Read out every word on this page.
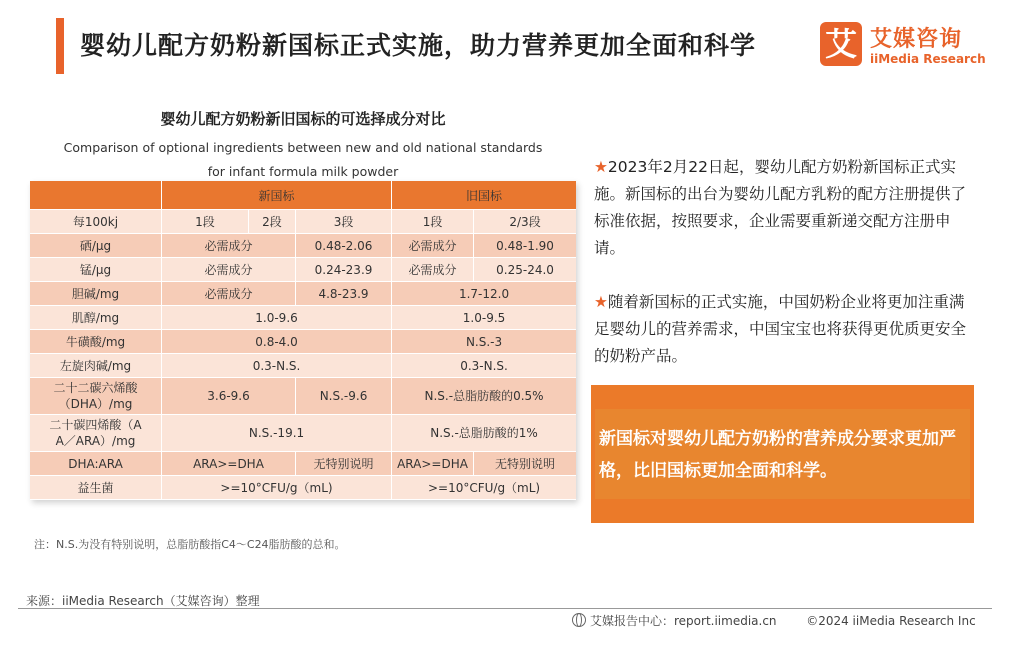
婴幼儿配方奶粉新国标正式实施，助力营养更加全面和科学 艾 艾媒咨询
iiMedia Research
婴幼儿配方奶粉新旧国标的可选择成分对比
Comparison of optional ingredients between new and old national standards
for infant formula milk powder
	新国标			旧国标	
每100kj	1段	2段	3段	1段	2/3段
硒/μg	必需成分		0.48-2.06	必需成分	0.48-1.90
锰/μg	必需成分		0.24-23.9	必需成分	0.25-24.0
胆碱/mg	必需成分		4.8-23.9	1.7-12.0	
肌醇/mg	1.0-9.6			1.0-9.5	
牛磺酸/mg	0.8-4.0			N.S.-3	
左旋肉碱/mg	0.3-N.S.			0.3-N.S.	

二十二碳六烯酸
（DHA）/mg	3.6-9.6		N.S.-9.6	N.S.-总脂肪酸的0.5%	

二十碳四烯酸（A
A／ARA）/mg	N.S.-19.1			N.S.-总脂肪酸的1%	
DHA:ARA	ARA>=DHA		无特别说明	ARA>=DHA	无特别说明
益生菌	>=10°CFU/g（mL)			>=10°CFU/g（mL)	
注：N.S.为没有特别说明，总脂肪酸指C4～C24脂肪酸的总和。
★2023年2月22日起，婴幼儿配方奶粉新国标正式实施。新国标的出台为婴幼儿配方乳粉的配方注册提供了标准依据，按照要求，企业需要重新递交配方注册申请。
★随着新国标的正式实施，中国奶粉企业将更加注重满足婴幼儿的营养需求，中国宝宝也将获得更优质更安全的奶粉产品。
新国标对婴幼儿配方奶粉的营养成分要求更加严格，比旧国标更加全面和科学。
来源：iiMedia Research（艾媒咨询）整理
艾媒报告中心：report.iimedia.cn ©2024 iiMedia Research Inc
